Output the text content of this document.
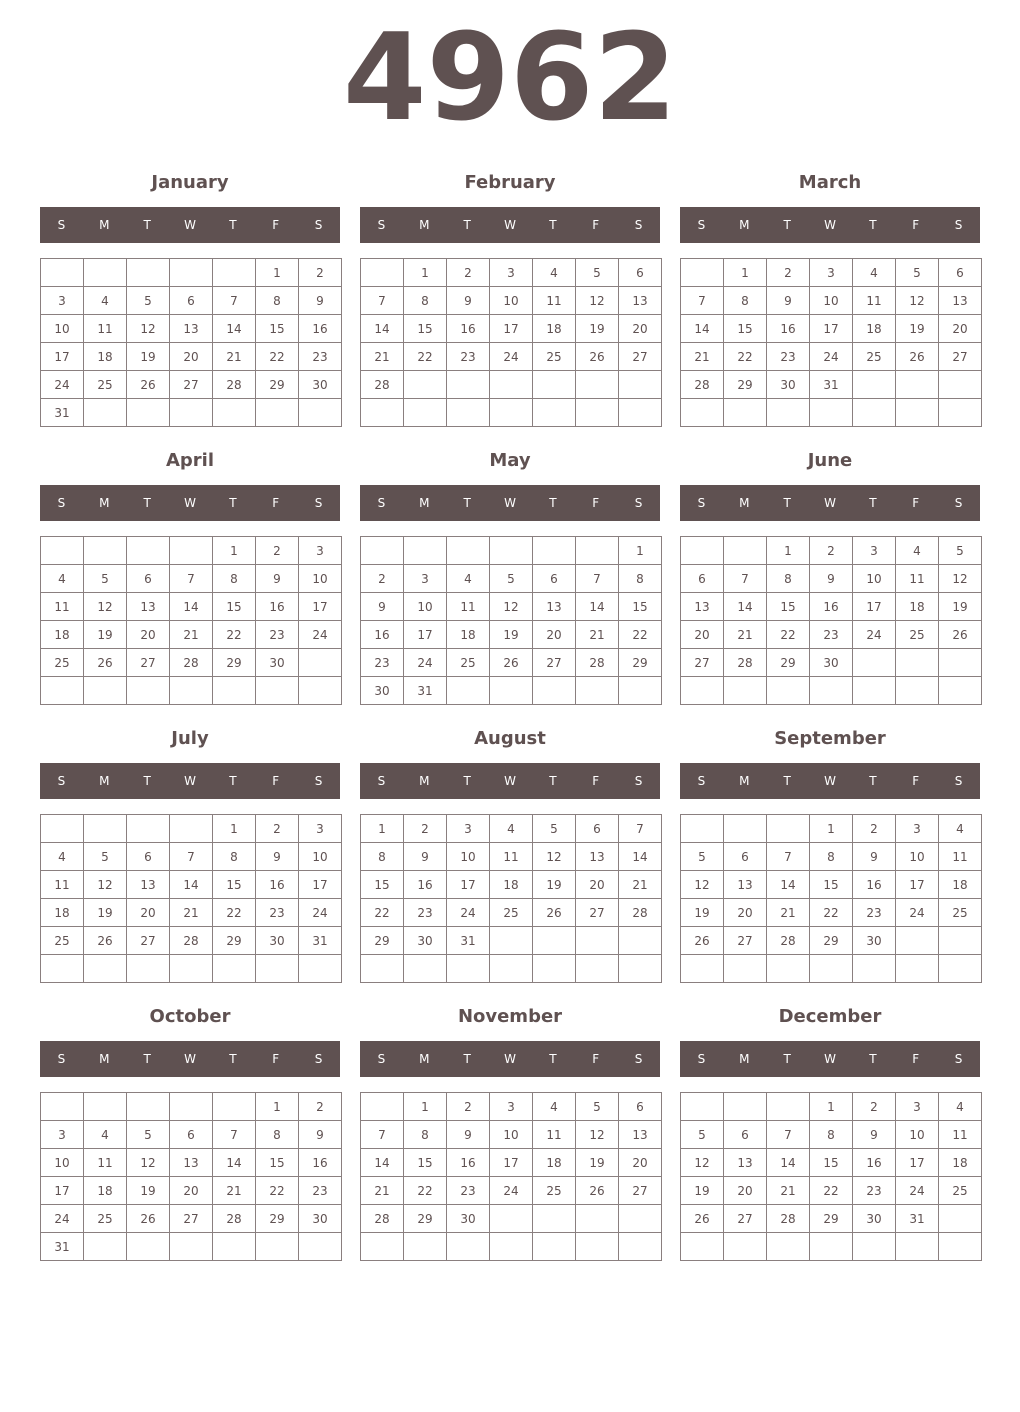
4962
January
S	M	T	W	T	F	S
					1	2
3	4	5	6	7	8	9
10	11	12	13	14	15	16
17	18	19	20	21	22	23
24	25	26	27	28	29	30
31						
February
S	M	T	W	T	F	S
	1	2	3	4	5	6
7	8	9	10	11	12	13
14	15	16	17	18	19	20
21	22	23	24	25	26	27
28						

March
S	M	T	W	T	F	S
	1	2	3	4	5	6
7	8	9	10	11	12	13
14	15	16	17	18	19	20
21	22	23	24	25	26	27
28	29	30	31			

April
S	M	T	W	T	F	S
				1	2	3
4	5	6	7	8	9	10
11	12	13	14	15	16	17
18	19	20	21	22	23	24
25	26	27	28	29	30	

May
S	M	T	W	T	F	S
						1
2	3	4	5	6	7	8
9	10	11	12	13	14	15
16	17	18	19	20	21	22
23	24	25	26	27	28	29
30	31					
June
S	M	T	W	T	F	S
		1	2	3	4	5
6	7	8	9	10	11	12
13	14	15	16	17	18	19
20	21	22	23	24	25	26
27	28	29	30			

July
S	M	T	W	T	F	S
				1	2	3
4	5	6	7	8	9	10
11	12	13	14	15	16	17
18	19	20	21	22	23	24
25	26	27	28	29	30	31

August
S	M	T	W	T	F	S
1	2	3	4	5	6	7
8	9	10	11	12	13	14
15	16	17	18	19	20	21
22	23	24	25	26	27	28
29	30	31				

September
S	M	T	W	T	F	S
			1	2	3	4
5	6	7	8	9	10	11
12	13	14	15	16	17	18
19	20	21	22	23	24	25
26	27	28	29	30		

October
S	M	T	W	T	F	S
					1	2
3	4	5	6	7	8	9
10	11	12	13	14	15	16
17	18	19	20	21	22	23
24	25	26	27	28	29	30
31						
November
S	M	T	W	T	F	S
	1	2	3	4	5	6
7	8	9	10	11	12	13
14	15	16	17	18	19	20
21	22	23	24	25	26	27
28	29	30				

December
S	M	T	W	T	F	S
			1	2	3	4
5	6	7	8	9	10	11
12	13	14	15	16	17	18
19	20	21	22	23	24	25
26	27	28	29	30	31	
